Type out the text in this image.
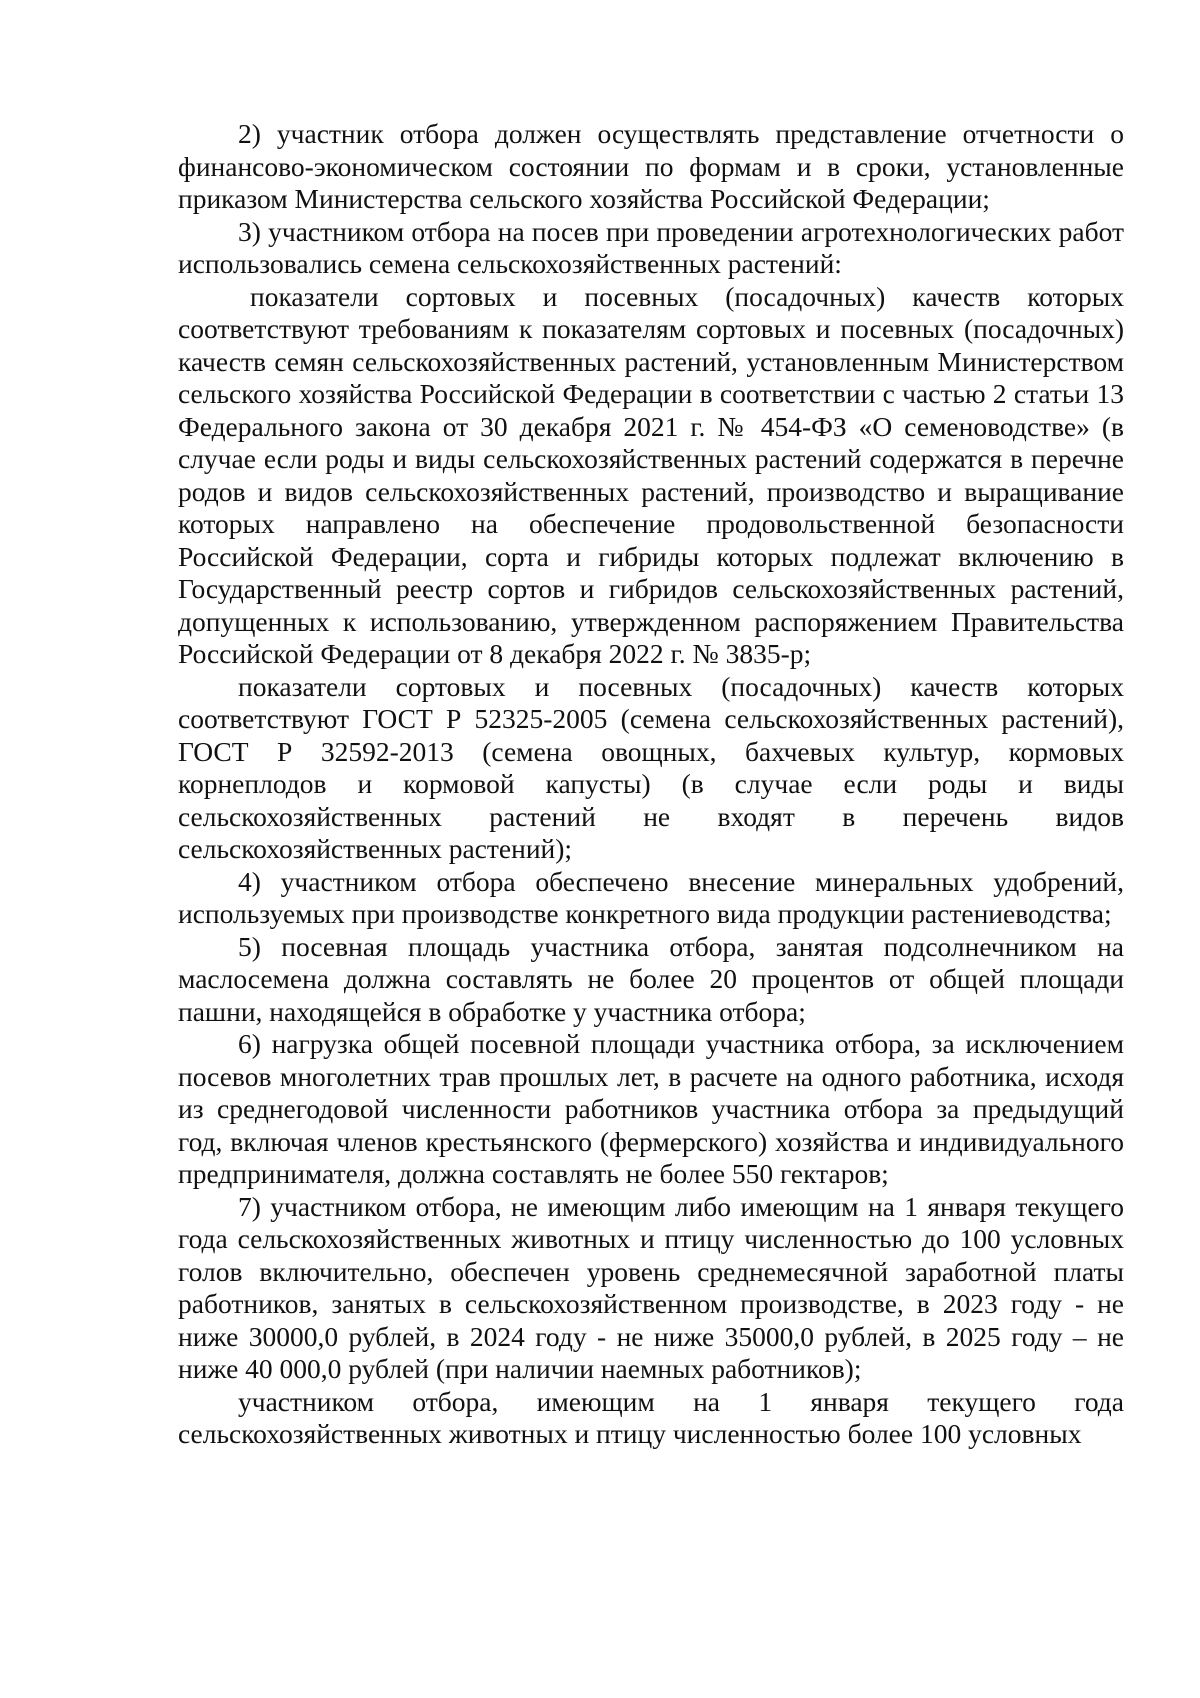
2) участник отбора должен осуществлять представление отчетности о финансово-экономическом состоянии по формам и в сроки, установленные приказом Министерства сельского хозяйства Российской Федерации;

3) участником отбора на посев при проведении агротехнологических работ использовались семена сельскохозяйственных растений:

показатели сортовых и посевных (посадочных) качеств которых соответствуют требованиям к показателям сортовых и посевных (посадочных) качеств семян сельскохозяйственных растений, установленным Министерством сельского хозяйства Российской Федерации в соответствии с частью 2 статьи 13 Федерального закона от 30 декабря 2021 г. № 454-ФЗ «О семеноводстве» (в случае если роды и виды сельскохозяйственных растений содержатся в перечне родов и видов сельскохозяйственных растений, производство и выращивание которых направлено на обеспечение продовольственной безопасности Российской Федерации, сорта и гибриды которых подлежат включению в Государственный реестр сортов и гибридов сельскохозяйственных растений, допущенных к использованию, утвержденном распоряжением Правительства Российской Федерации от 8 декабря 2022 г. № 3835-р;

показатели сортовых и посевных (посадочных) качеств которых соответствуют ГОСТ Р 52325-2005 (семена сельскохозяйственных растений), ГОСТ Р 32592-2013 (семена овощных, бахчевых культур, кормовых корнеплодов и кормовой капусты) (в случае если роды и виды сельскохозяйственных растений не входят в перечень видов сельскохозяйственных растений);

4) участником отбора обеспечено внесение минеральных удобрений, используемых при производстве конкретного вида продукции растениеводства;

5) посевная площадь участника отбора, занятая подсолнечником на маслосемена должна составлять не более 20 процентов от общей площади пашни, находящейся в обработке у участника отбора;

6) нагрузка общей посевной площади участника отбора, за исключением посевов многолетних трав прошлых лет, в расчете на одного работника, исходя из среднегодовой численности работников участника отбора за предыдущий год, включая членов крестьянского (фермерского) хозяйства и индивидуального предпринимателя, должна составлять не более 550 гектаров;

7) участником отбора, не имеющим либо имеющим на 1 января текущего года сельскохозяйственных животных и птицу численностью до 100 условных голов включительно, обеспечен уровень среднемесячной заработной платы работников, занятых в сельскохозяйственном производстве, в 2023 году - не ниже 30000,0 рублей, в 2024 году - не ниже 35000,0 рублей, в 2025 году – не ниже 40 000,0 рублей (при наличии наемных работников);

участником отбора, имеющим на 1 января текущего года сельскохозяйственных животных и птицу численностью более 100 условных
